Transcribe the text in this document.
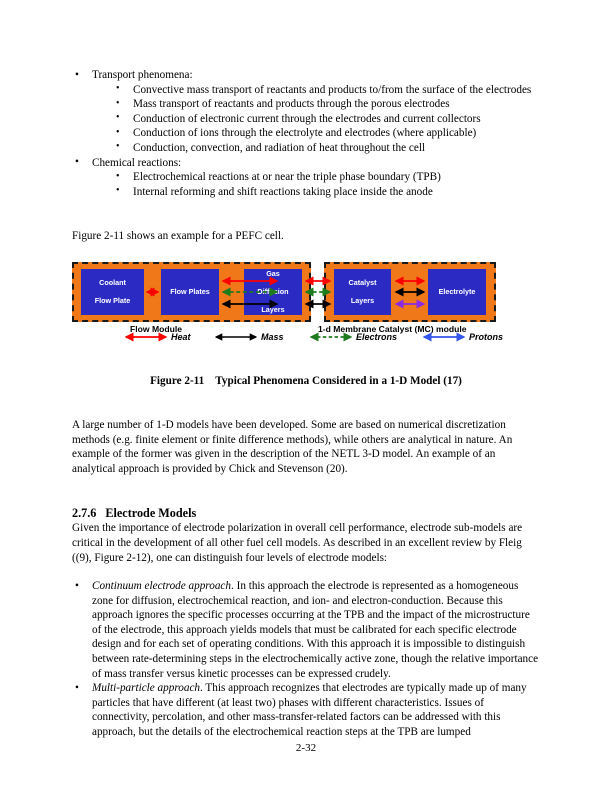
• Transport phenomena:
• Convective mass transport of reactants and products to/from the surface of the electrodes
• Mass transport of reactants and products through the porous electrodes
• Conduction of electronic current through the electrodes and current collectors
• Conduction of ions through the electrolyte and electrodes (where applicable)
• Conduction, convection, and radiation of heat throughout the cell
• Chemical reactions:
• Electrochemical reactions at or near the triple phase boundary (TPB)
• Internal reforming and shift reactions taking place inside the anode

Figure 2-11 shows an example for a PEFC cell.

Coolant

Flow Plate
Flow Plates
Gas

Diffusion

Layers
Catalyst

Layers
Electrolyte
Flow Module	1-d Membrane Catalyst (MC) module
Heat	Mass	Electrons	Protons

Figure 2-11 Typical Phenomena Considered in a 1-D Model (17)

A large number of 1-D models have been developed. Some are based on numerical discretization methods (e.g. finite element or finite difference methods), while others are analytical in nature. An example of the former was given in the description of the NETL 3-D model. An example of an analytical approach is provided by Chick and Stevenson (20).

2.7.6 Electrode Models

Given the importance of electrode polarization in overall cell performance, electrode sub-models are critical in the development of all other fuel cell models. As described in an excellent review by Fleig ((9), Figure 2-12), one can distinguish four levels of electrode models:

• Continuum electrode approach. In this approach the electrode is represented as a homogeneous zone for diffusion, electrochemical reaction, and ion- and electron-conduction. Because this approach ignores the specific processes occurring at the TPB and the impact of the microstructure of the electrode, this approach yields models that must be calibrated for each specific electrode design and for each set of operating conditions. With this approach it is impossible to distinguish between rate-determining steps in the electrochemically active zone, though the relative importance of mass transfer versus kinetic processes can be expressed crudely.
• Multi-particle approach. This approach recognizes that electrodes are typically made up of many particles that have different (at least two) phases with different characteristics. Issues of connectivity, percolation, and other mass-transfer-related factors can be addressed with this approach, but the details of the electrochemical reaction steps at the TPB are lumped
2-32
